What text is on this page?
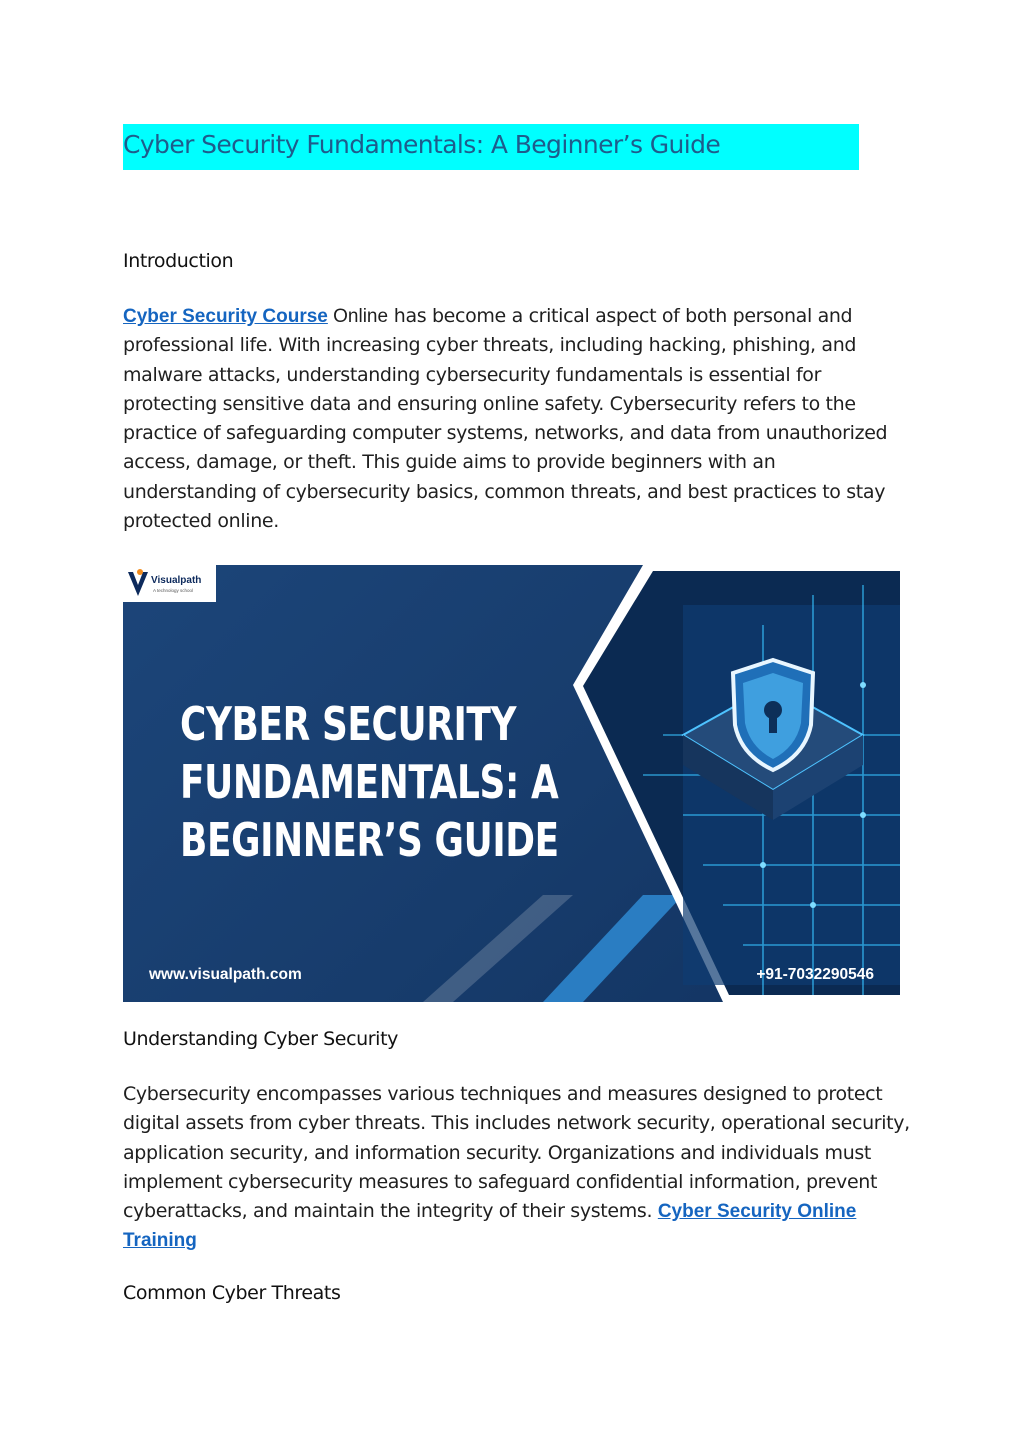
Cyber Security Fundamentals: A Beginner’s Guide
Introduction

Cyber Security Course Online has become a critical aspect of both personal and professional life. With increasing cyber threats, including hacking, phishing, and malware attacks, understanding cybersecurity fundamentals is essential for protecting sensitive data and ensuring online safety. Cybersecurity refers to the practice of safeguarding computer systems, networks, and data from unauthorized access, damage, or theft. This guide aims to provide beginners with an understanding of cybersecurity basics, common threats, and best practices to stay protected online.

Visualpath
A technology school
CYBER SECURITY
FUNDAMENTALS: A
BEGINNER’S GUIDE
www.visualpath.com	+91-7032290546
Understanding Cyber Security

Cybersecurity encompasses various techniques and measures designed to protect digital assets from cyber threats. This includes network security, operational security, application security, and information security. Organizations and individuals must implement cybersecurity measures to safeguard confidential information, prevent cyberattacks, and maintain the integrity of their systems. Cyber Security Online Training

Common Cyber Threats
